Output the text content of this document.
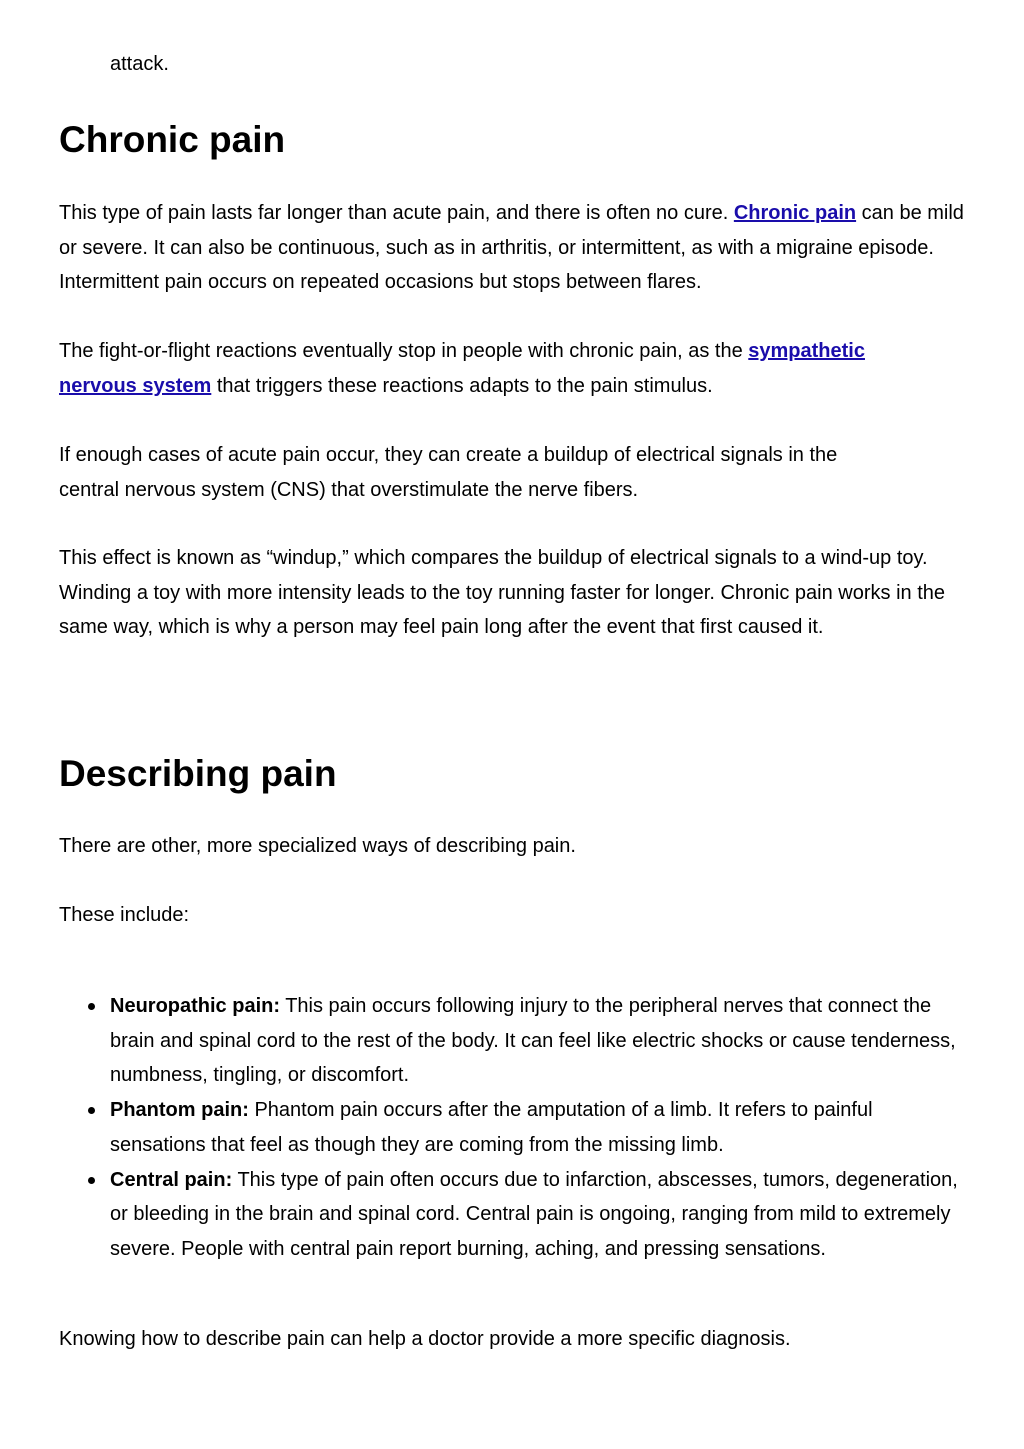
attack.

Chronic pain

This type of pain lasts far longer than acute pain, and there is often no cure. Chronic pain can be mild or severe. It can also be continuous, such as in arthritis, or intermittent, as with a migraine episode. Intermittent pain occurs on repeated occasions but stops between flares.

The fight-or-flight reactions eventually stop in people with chronic pain, as the sympathetic nervous system that triggers these reactions adapts to the pain stimulus.

If enough cases of acute pain occur, they can create a buildup of electrical signals in the central nervous system (CNS) that overstimulate the nerve fibers.

This effect is known as “windup,” which compares the buildup of electrical signals to a wind-up toy. Winding a toy with more intensity leads to the toy running faster for longer. Chronic pain works in the same way, which is why a person may feel pain long after the event that first caused it.

Describing pain

There are other, more specialized ways of describing pain.

These include:

Neuropathic pain: This pain occurs following injury to the peripheral nerves that connect the brain and spinal cord to the rest of the body. It can feel like electric shocks or cause tenderness, numbness, tingling, or discomfort.
Phantom pain: Phantom pain occurs after the amputation of a limb. It refers to painful sensations that feel as though they are coming from the missing limb.
Central pain: This type of pain often occurs due to infarction, abscesses, tumors, degeneration, or bleeding in the brain and spinal cord. Central pain is ongoing, ranging from mild to extremely severe. People with central pain report burning, aching, and pressing sensations.

Knowing how to describe pain can help a doctor provide a more specific diagnosis.
